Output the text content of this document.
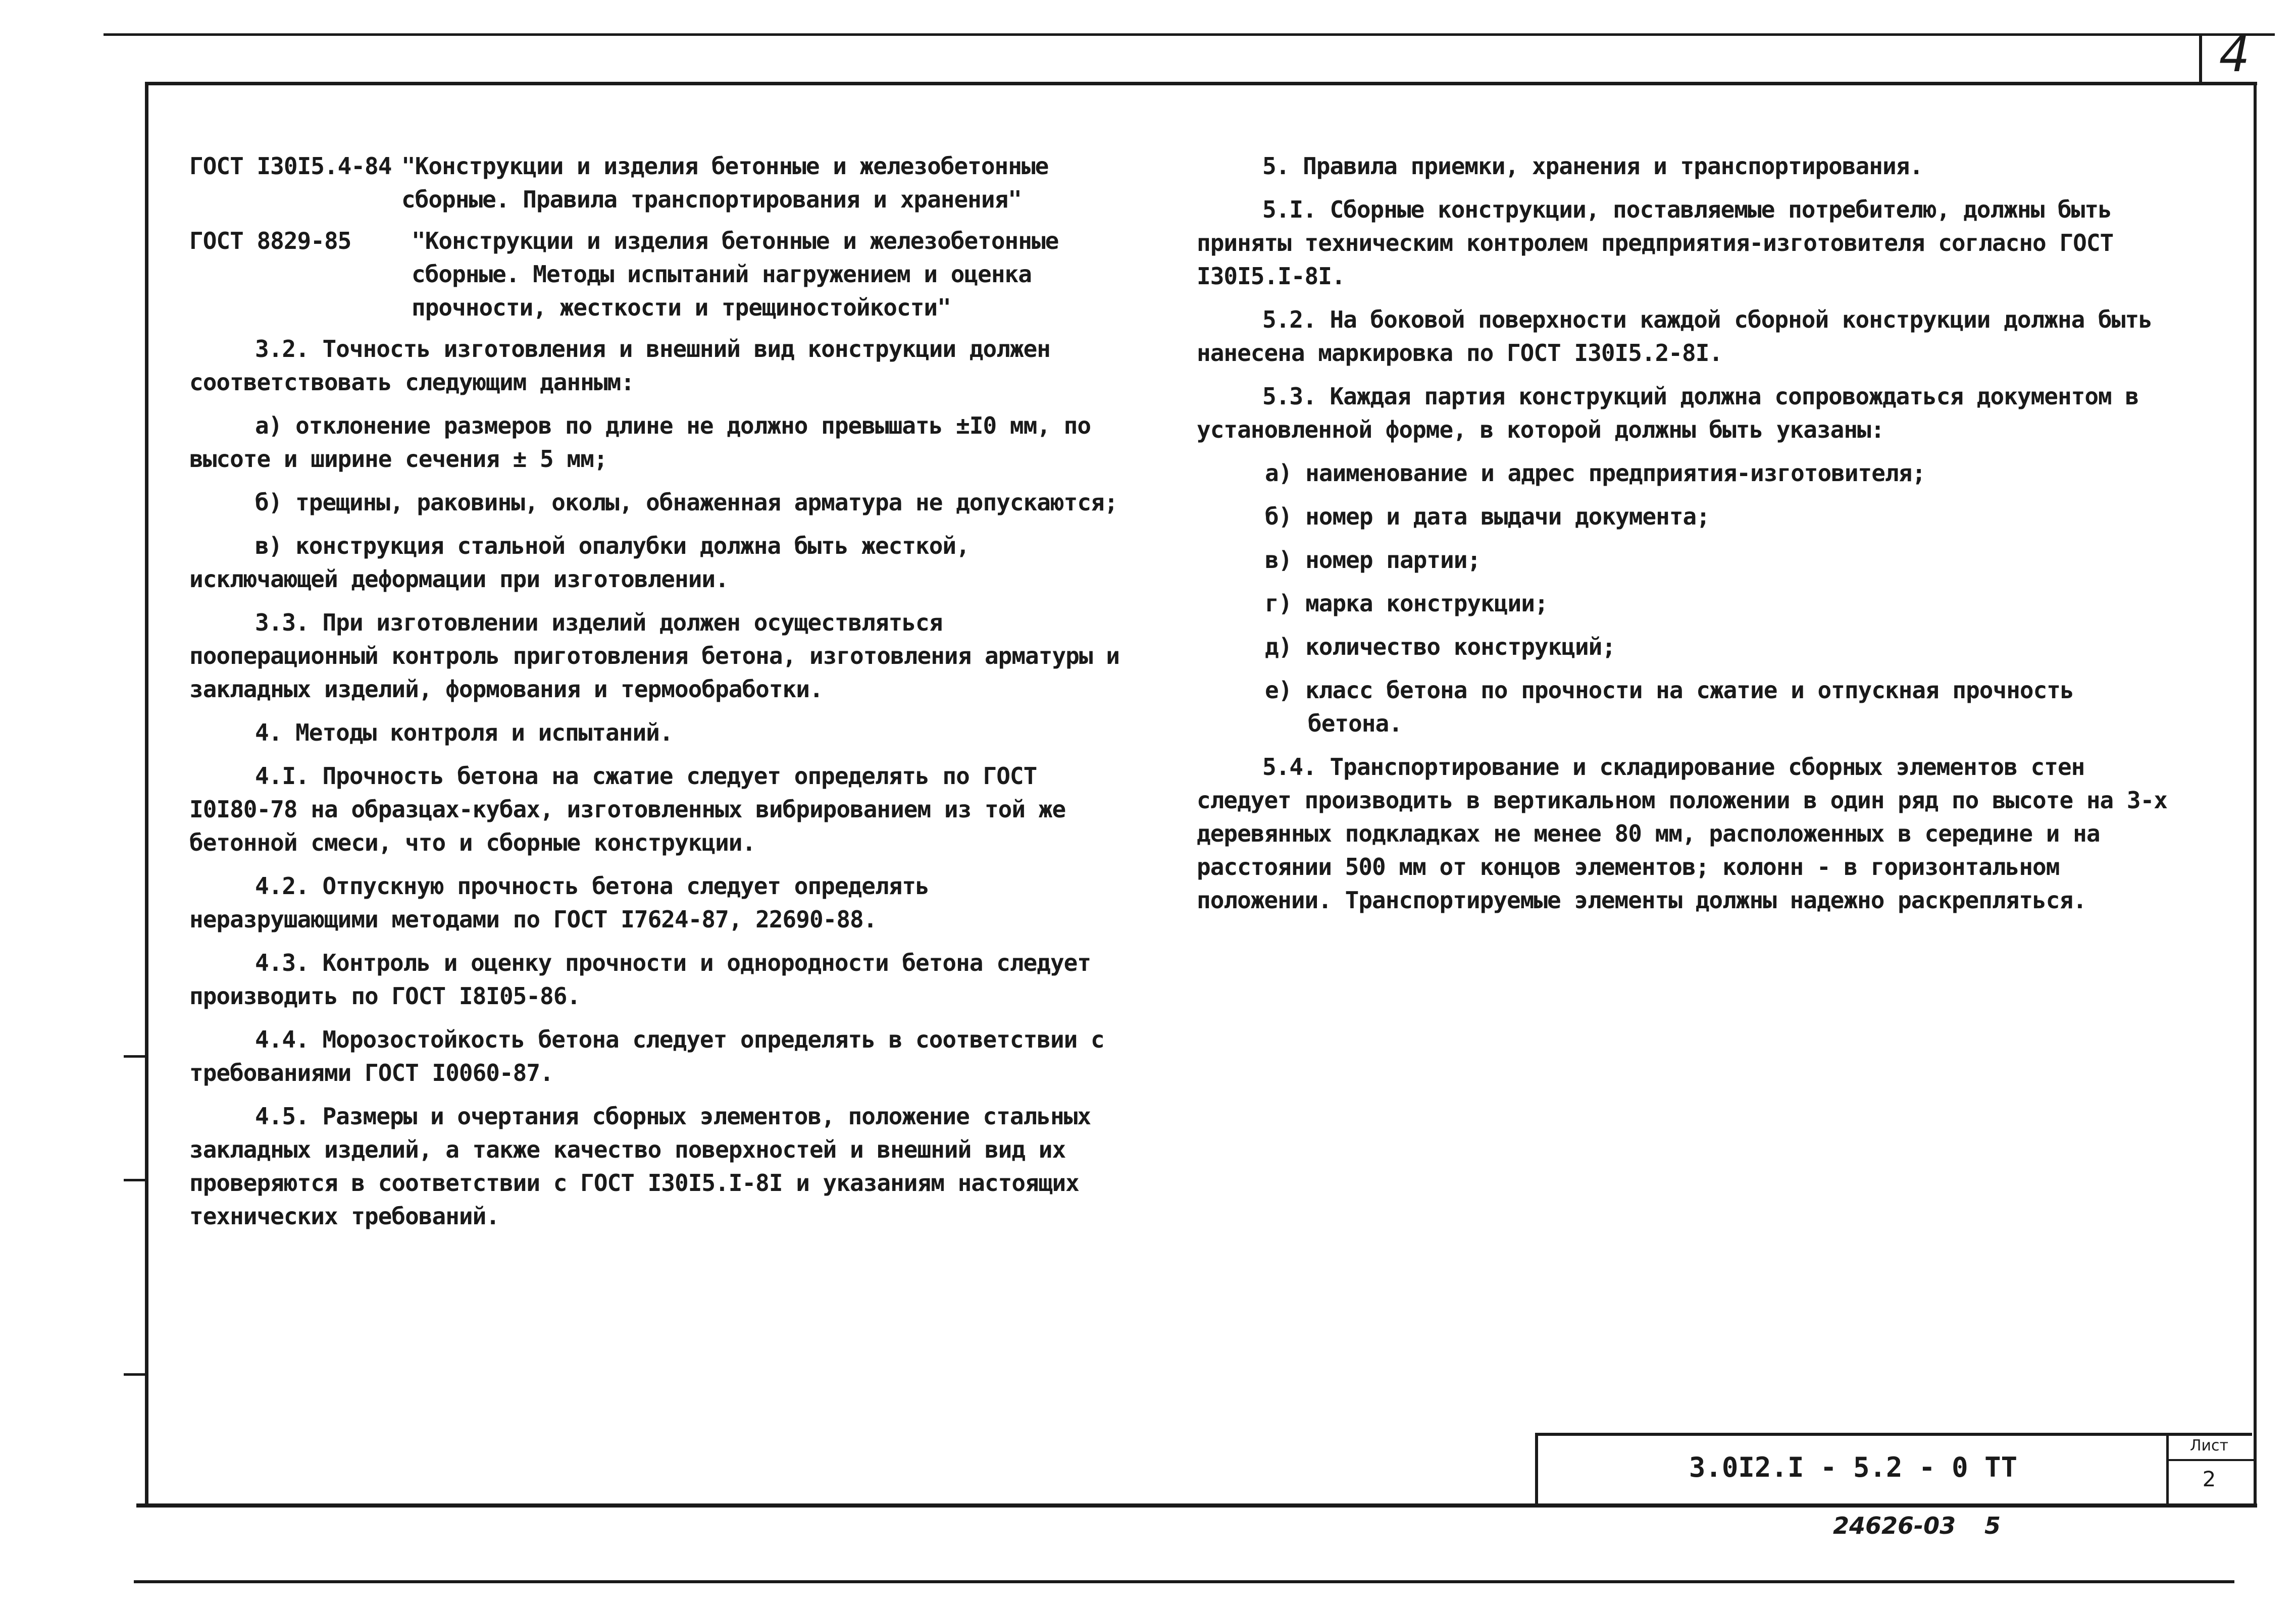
4
ГОСТ I30I5.4-84 "Конструкции и изделия бетонные и железобетонные сборные. Правила транспортирования и хранения"
ГОСТ 8829-85	"Конструкции и изделия бетонные и железобетонные сборные. Методы испытаний нагружением и оценка прочности, жесткости и трещиностойкости"

3.2. Точность изготовления и внешний вид конструкции должен соответствовать следующим данным:

а) отклонение размеров по длине не должно превышать ±I0 мм, по высоте и ширине сечения ± 5 мм;

б) трещины, раковины, околы, обнаженная арматура не допускаются;

в) конструкция стальной опалубки должна быть жесткой, исключающей деформации при изготовлении.

3.3. При изготовлении изделий должен осуществляться пооперационный контроль приготовления бетона, изготовления арматуры и закладных изделий, формования и термообработки.

4. Методы контроля и испытаний.

4.I. Прочность бетона на сжатие следует определять по ГОСТ I0I80-78 на образцах-кубах, изготовленных вибрированием из той же бетонной смеси, что и сборные конструкции.

4.2. Отпускную прочность бетона следует определять неразрушающими методами по ГОСТ I7624-87, 22690-88.

4.3. Контроль и оценку прочности и однородности бетона следует производить по ГОСТ I8I05-86.

4.4. Морозостойкость бетона следует определять в соответствии с требованиями ГОСТ I0060-87.

4.5. Размеры и очертания сборных элементов, положение стальных закладных изделий, а также качество поверхностей и внешний вид их проверяются в соответствии с ГОСТ I30I5.I-8I и указаниям настоящих технических требований.

5. Правила приемки, хранения и транспортирования.

5.I. Сборные конструкции, поставляемые потребителю, должны быть приняты техническим контролем предприятия-изготовителя согласно ГОСТ I30I5.I-8I.

5.2. На боковой поверхности каждой сборной конструкции должна быть нанесена маркировка по ГОСТ I30I5.2-8I.

5.3. Каждая партия конструкций должна сопровождаться документом в установленной форме, в которой должны быть указаны:

а) наименование и адрес предприятия-изготовителя;

б) номер и дата выдачи документа;

в) номер партии;

г) марка конструкции;

д) количество конструкций;

е) класс бетона по прочности на сжатие и отпускная прочность бетона.

5.4. Транспортирование и складирование сборных элементов стен следует производить в вертикальном положении в один ряд по высоте на 3-х деревянных подкладках не менее 80 мм, расположенных в середине и на расстоянии 500 мм от концов элементов; колонн - в горизонтальном положении. Транспортируемые элементы должны надежно раскрепляться.

3.0I2.I - 5.2 - 0 ТТ
Лист
2
24626-03 5
